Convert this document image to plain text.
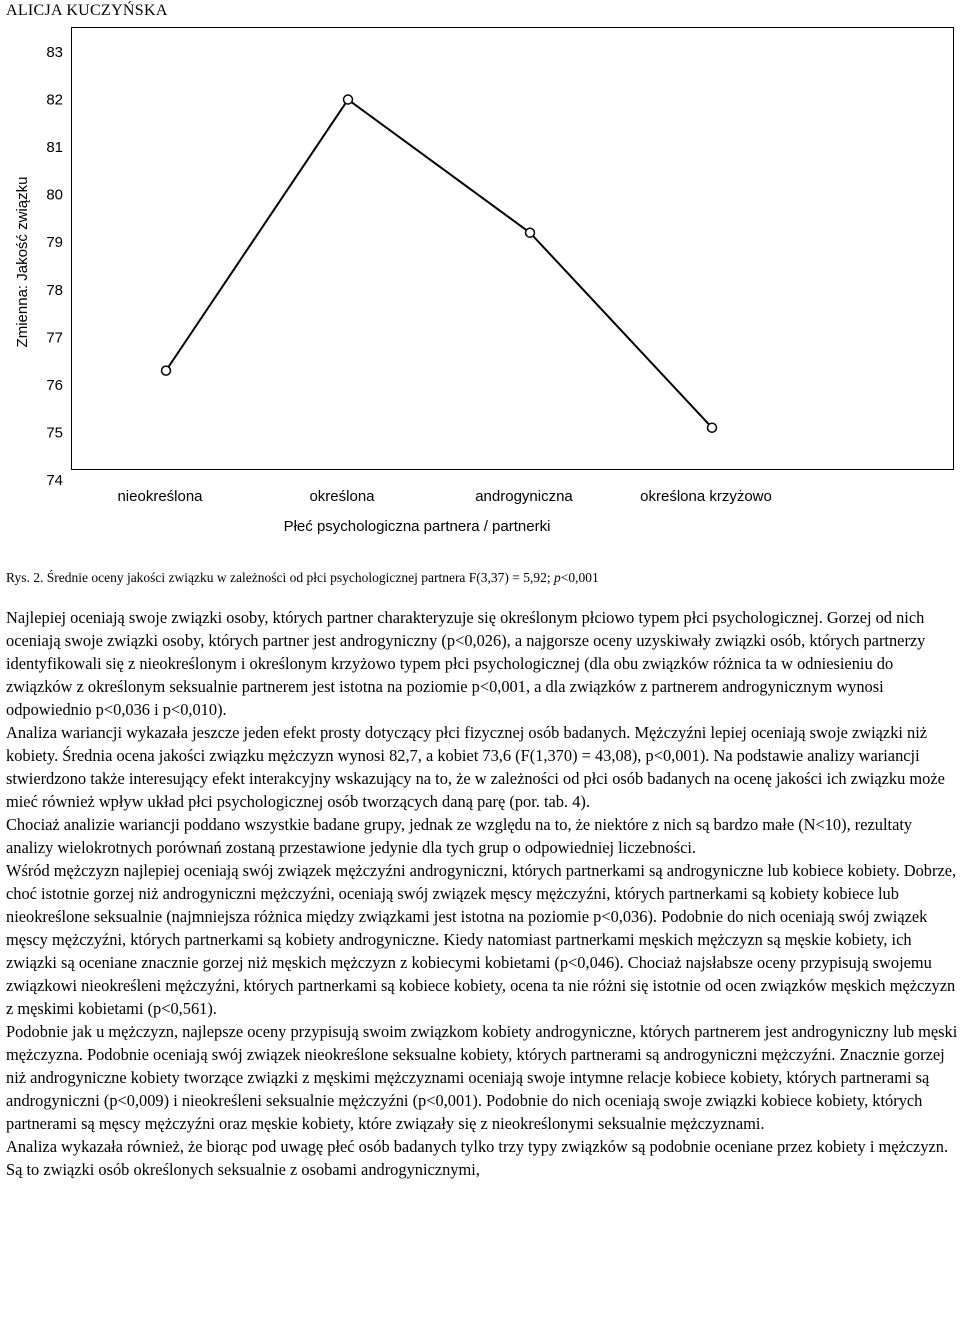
ALICJA KUCZYŃSKA
83
82
81
80
79
78
77
76
75
74
Zmienna: Jakość związku
nieokreślona	określona	androgyniczna	określona krzyżowo
Płeć psychologiczna partnera / partnerki
Rys. 2. Średnie oceny jakości związku w zależności od płci psychologicznej partnera F(3,37) = 5,92; p<0,001

Najlepiej oceniają swoje związki osoby, których partner charakteryzuje się określonym płciowo typem płci psychologicznej. Gorzej od nich oceniają swoje związki osoby, których partner jest androgyniczny (p<0,026), a najgorsze oceny uzyskiwały związki osób, których partnerzy identyfikowali się z nieokreślonym i określonym krzyżowo typem płci psychologicznej (dla obu związków różnica ta w odniesieniu do związków z określonym seksualnie partnerem jest istotna na poziomie p<0,001, a dla związków z partnerem androgynicznym wynosi odpowiednio p<0,036 i p<0,010).

Analiza wariancji wykazała jeszcze jeden efekt prosty dotyczący płci fizycznej osób badanych. Mężczyźni lepiej oceniają swoje związki niż kobiety. Średnia ocena jakości związku mężczyzn wynosi 82,7, a kobiet 73,6 (F(1,370) = 43,08), p<0,001). Na podstawie analizy wariancji stwierdzono także interesujący efekt interakcyjny wskazujący na to, że w zależności od płci osób badanych na ocenę jakości ich związku może mieć również wpływ układ płci psychologicznej osób tworzących daną parę (por. tab. 4).

Chociaż analizie wariancji poddano wszystkie badane grupy, jednak ze względu na to, że niektóre z nich są bardzo małe (N<10), rezultaty analizy wielokrotnych porównań zostaną przestawione jedynie dla tych grup o odpowiedniej liczebności.

Wśród mężczyzn najlepiej oceniają swój związek mężczyźni androgyniczni, których partnerkami są androgyniczne lub kobiece kobiety. Dobrze, choć istotnie gorzej niż androgyniczni mężczyźni, oceniają swój związek męscy mężczyźni, których partnerkami są kobiety kobiece lub nieokreślone seksualnie (najmniejsza różnica między związkami jest istotna na poziomie p<0,036). Podobnie do nich oceniają swój związek męscy mężczyźni, których partnerkami są kobiety androgyniczne. Kiedy natomiast partnerkami męskich mężczyzn są męskie kobiety, ich związki są oceniane znacznie gorzej niż męskich mężczyzn z kobiecymi kobietami (p<0,046). Chociaż najsłabsze oceny przypisują swojemu związkowi nieokreśleni mężczyźni, których partnerkami są kobiece kobiety, ocena ta nie różni się istotnie od ocen związków męskich mężczyzn z męskimi kobietami (p<0,561).

Podobnie jak u mężczyzn, najlepsze oceny przypisują swoim związkom kobiety androgyniczne, których partnerem jest androgyniczny lub męski mężczyzna. Podobnie oceniają swój związek nieokreślone seksualne kobiety, których partnerami są androgyniczni mężczyźni. Znacznie gorzej niż androgyniczne kobiety tworzące związki z męskimi mężczyznami oceniają swoje intymne relacje kobiece kobiety, których partnerami są androgyniczni (p<0,009) i nieokreśleni seksualnie mężczyźni (p<0,001). Podobnie do nich oceniają swoje związki kobiece kobiety, których partnerami są męscy mężczyźni oraz męskie kobiety, które związały się z nieokreślonymi seksualnie mężczyznami.

Analiza wykazała również, że biorąc pod uwagę płeć osób badanych tylko trzy typy związków są podobnie oceniane przez kobiety i mężczyzn. Są to związki osób określonych seksualnie z osobami androgynicznymi,
